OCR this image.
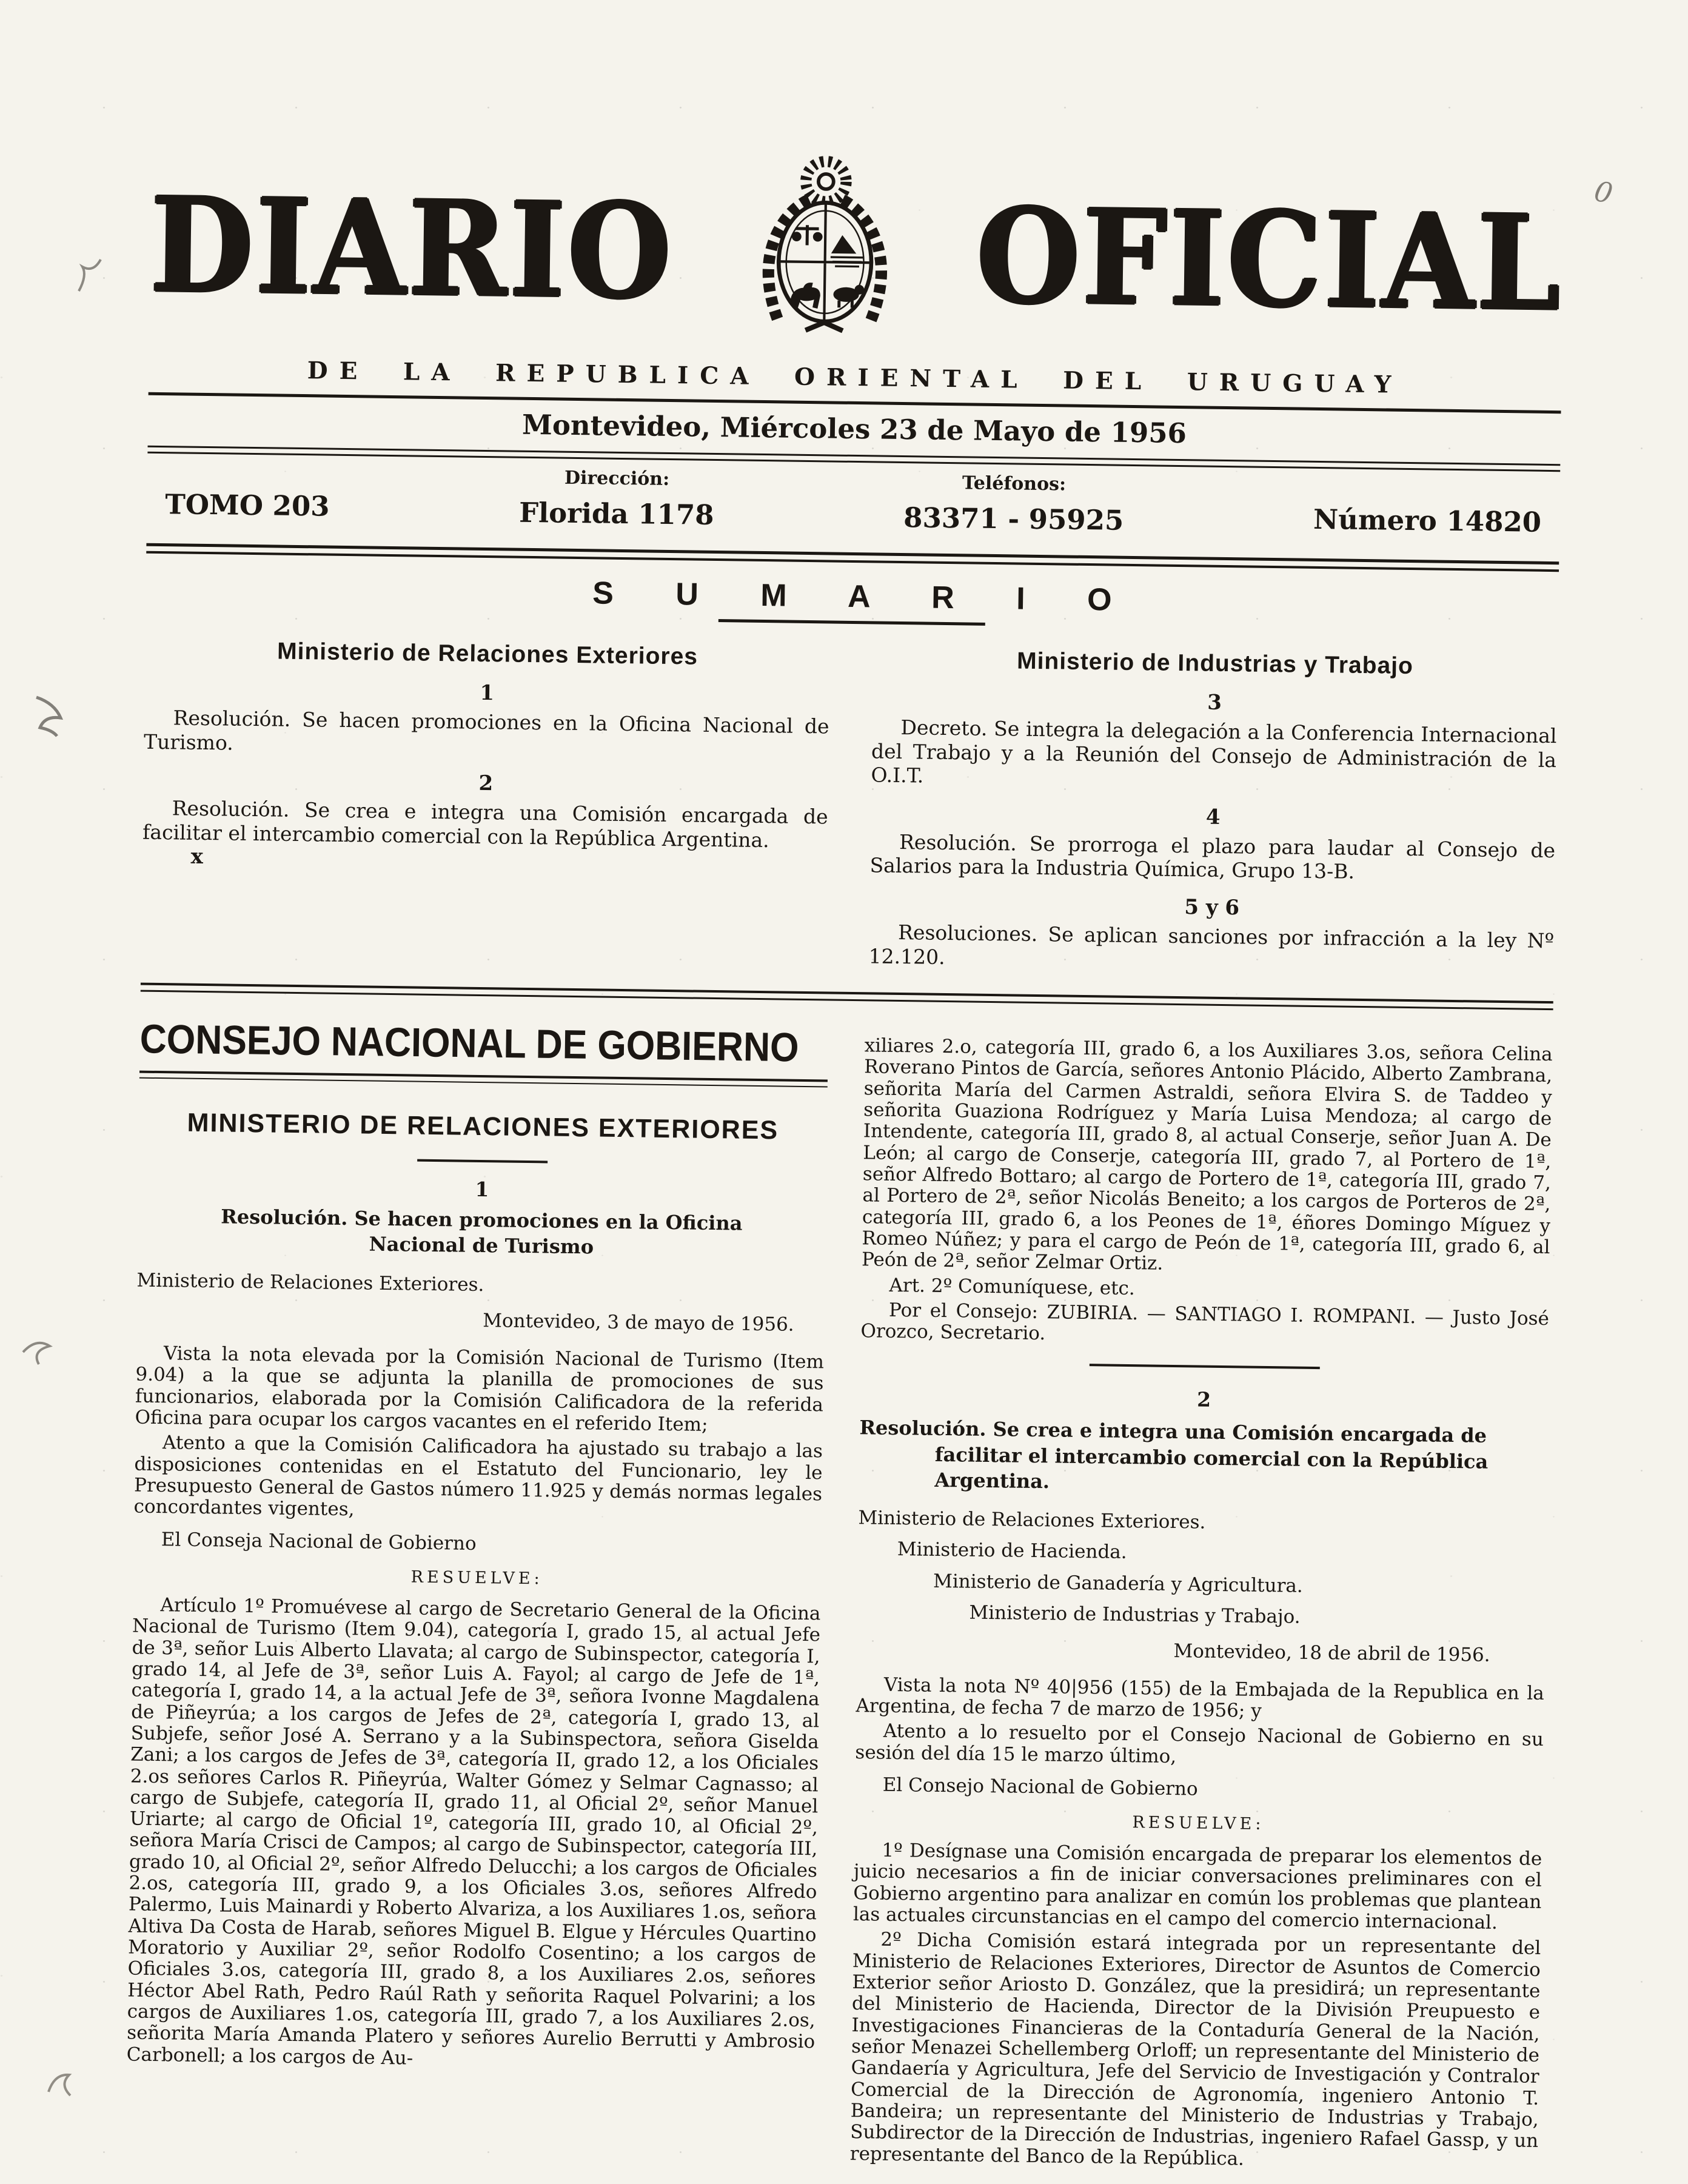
DIARIO	OFICIAL
DE LA REPUBLICA ORIENTAL DEL URUGUAY
Montevideo, Miércoles 23 de Mayo de 1956
TOMO 203
Dirección:
Florida 1178
Teléfonos:
83371 - 95925	Número 14820
S U M A R I O
Ministerio de Relaciones Exteriores
1

Resolución. Se hacen promociones en la Oficina Nacional de Turismo.

2

Resolución. Se crea e integra una Comisión encargada de facilitar el intercambio comercial con la República Argentina.

x
Ministerio de Industrias y Trabajo
3

Decreto. Se integra la delegación a la Conferencia Internacional del Trabajo y a la Reunión del Consejo de Administración de la O.I.T.

4

Resolución. Se prorroga el plazo para laudar al Consejo de Salarios para la Industria Química, Grupo 13-B.

5 y 6

Resoluciones. Se aplican sanciones por infracción a la ley Nº 12.120.

CONSEJO NACIONAL DE GOBIERNO
MINISTERIO DE RELACIONES EXTERIORES
1
Resolución. Se hacen promociones en la Oficina Nacional de Turismo
Ministerio de Relaciones Exteriores.
Montevideo, 3 de mayo de 1956.

Vista la nota elevada por la Comisión Nacional de Turismo (Item 9.04) a la que se adjunta la planilla de promociones de sus funcionarios, elaborada por la Comisión Calificadora de la referida Oficina para ocupar los cargos vacantes en el referido Item;

Atento a que la Comisión Calificadora ha ajustado su trabajo a las disposiciones contenidas en el Estatuto del Funcionario, ley le Presupuesto General de Gastos número 11.925 y demás normas legales concordantes vigentes,

El Conseja Nacional de Gobierno
RESUELVE:

Artículo 1º Promuévese al cargo de Secretario General de la Oficina Nacional de Turismo (Item 9.04), categoría I, grado 15, al actual Jefe de 3ª, señor Luis Alberto Llavata; al cargo de Subinspector, categoría I, grado 14, al Jefe de 3ª, señor Luis A. Fayol; al cargo de Jefe de 1ª, categoría I, grado 14, a la actual Jefe de 3ª, señora Ivonne Magdalena de Piñeyrúa; a los cargos de Jefes de 2ª, categoría I, grado 13, al Subjefe, señor José A. Serrano y a la Subinspectora, señora Giselda Zani; a los cargos de Jefes de 3ª, categoría II, grado 12, a los Oficiales 2.os señores Carlos R. Piñeyrúa, Walter Gómez y Selmar Cagnasso; al cargo de Subjefe, categoría II, grado 11, al Oficial 2º, señor Manuel Uriarte; al cargo de Oficial 1º, categoría III, grado 10, al Oficial 2º, señora María Crisci de Campos; al cargo de Subinspector, categoría III, grado 10, al Oficial 2º, señor Alfredo Delucchi; a los cargos de Oficiales 2.os, categoría III, grado 9, a los Oficiales 3.os, señores Alfredo Palermo, Luis Mainardi y Roberto Alvariza, a los Auxiliares 1.os, señora Altiva Da Costa de Harab, señores Miguel B. Elgue y Hércules Quartino Moratorio y Auxiliar 2º, señor Rodolfo Cosentino; a los cargos de Oficiales 3.os, categoría III, grado 8, a los Auxiliares 2.os, señores Héctor Abel Rath, Pedro Raúl Rath y señorita Raquel Polvarini; a los cargos de Auxiliares 1.os, categoría III, grado 7, a los Auxiliares 2.os, señorita María Amanda Platero y señores Aurelio Berrutti y Ambrosio Carbonell; a los cargos de Au-

xiliares 2.o, categoría III, grado 6, a los Auxiliares 3.os, señora Celina Roverano Pintos de García, señores Antonio Plácido, Alberto Zambrana, señorita María del Carmen Astraldi, señora Elvira S. de Taddeo y señorita Guaziona Rodríguez y María Luisa Mendoza; al cargo de Intendente, categoría III, grado 8, al actual Conserje, señor Juan A. De León; al cargo de Conserje, categoría III, grado 7, al Portero de 1ª, señor Alfredo Bottaro; al cargo de Portero de 1ª, categoría III, grado 7, al Portero de 2ª, señor Nicolás Beneito; a los cargos de Porteros de 2ª, categoría III, grado 6, a los Peones de 1ª, éñores Domingo Míguez y Romeo Núñez; y para el cargo de Peón de 1ª, categoría III, grado 6, al Peón de 2ª, señor Zelmar Ortiz.

Art. 2º Comuníquese, etc.

Por el Consejo: ZUBIRIA. — SANTIAGO I. ROMPANI. — Justo José Orozco, Secretario.

2
Resolución. Se crea e integra una Comisión encargada de facilitar el intercambio comercial con la República Argentina.
Ministerio de Relaciones Exteriores.
Ministerio de Hacienda.
Ministerio de Ganadería y Agricultura.
Ministerio de Industrias y Trabajo.
Montevideo, 18 de abril de 1956.

Vista la nota Nº 40|956 (155) de la Embajada de la Republica en la Argentina, de fecha 7 de marzo de 1956; y

Atento a lo resuelto por el Consejo Nacional de Gobierno en su sesión del día 15 le marzo último,

El Consejo Nacional de Gobierno
RESUELVE:

1º Desígnase una Comisión encargada de preparar los elementos de juicio necesarios a fin de iniciar conversaciones preliminares con el Gobierno argentino para analizar en común los problemas que plantean las actuales circunstancias en el campo del comercio internacional.

2º Dicha Comisión estará integrada por un representante del Ministerio de Relaciones Exteriores, Director de Asuntos de Comercio Exterior señor Ariosto D. González, que la presidirá; un representante del Ministerio de Hacienda, Director de la División Preupuesto e Investigaciones Financieras de la Contaduría General de la Nación, señor Menazei Schellemberg Orloff; un representante del Ministerio de Gandaería y Agricultura, Jefe del Servicio de Investigación y Contralor Comercial de la Dirección de Agronomía, ingeniero Antonio T. Bandeira; un representante del Ministerio de Industrias y Trabajo, Subdirector de la Dirección de Industrias, ingeniero Rafael Gassp, y un representante del Banco de la República.

0
